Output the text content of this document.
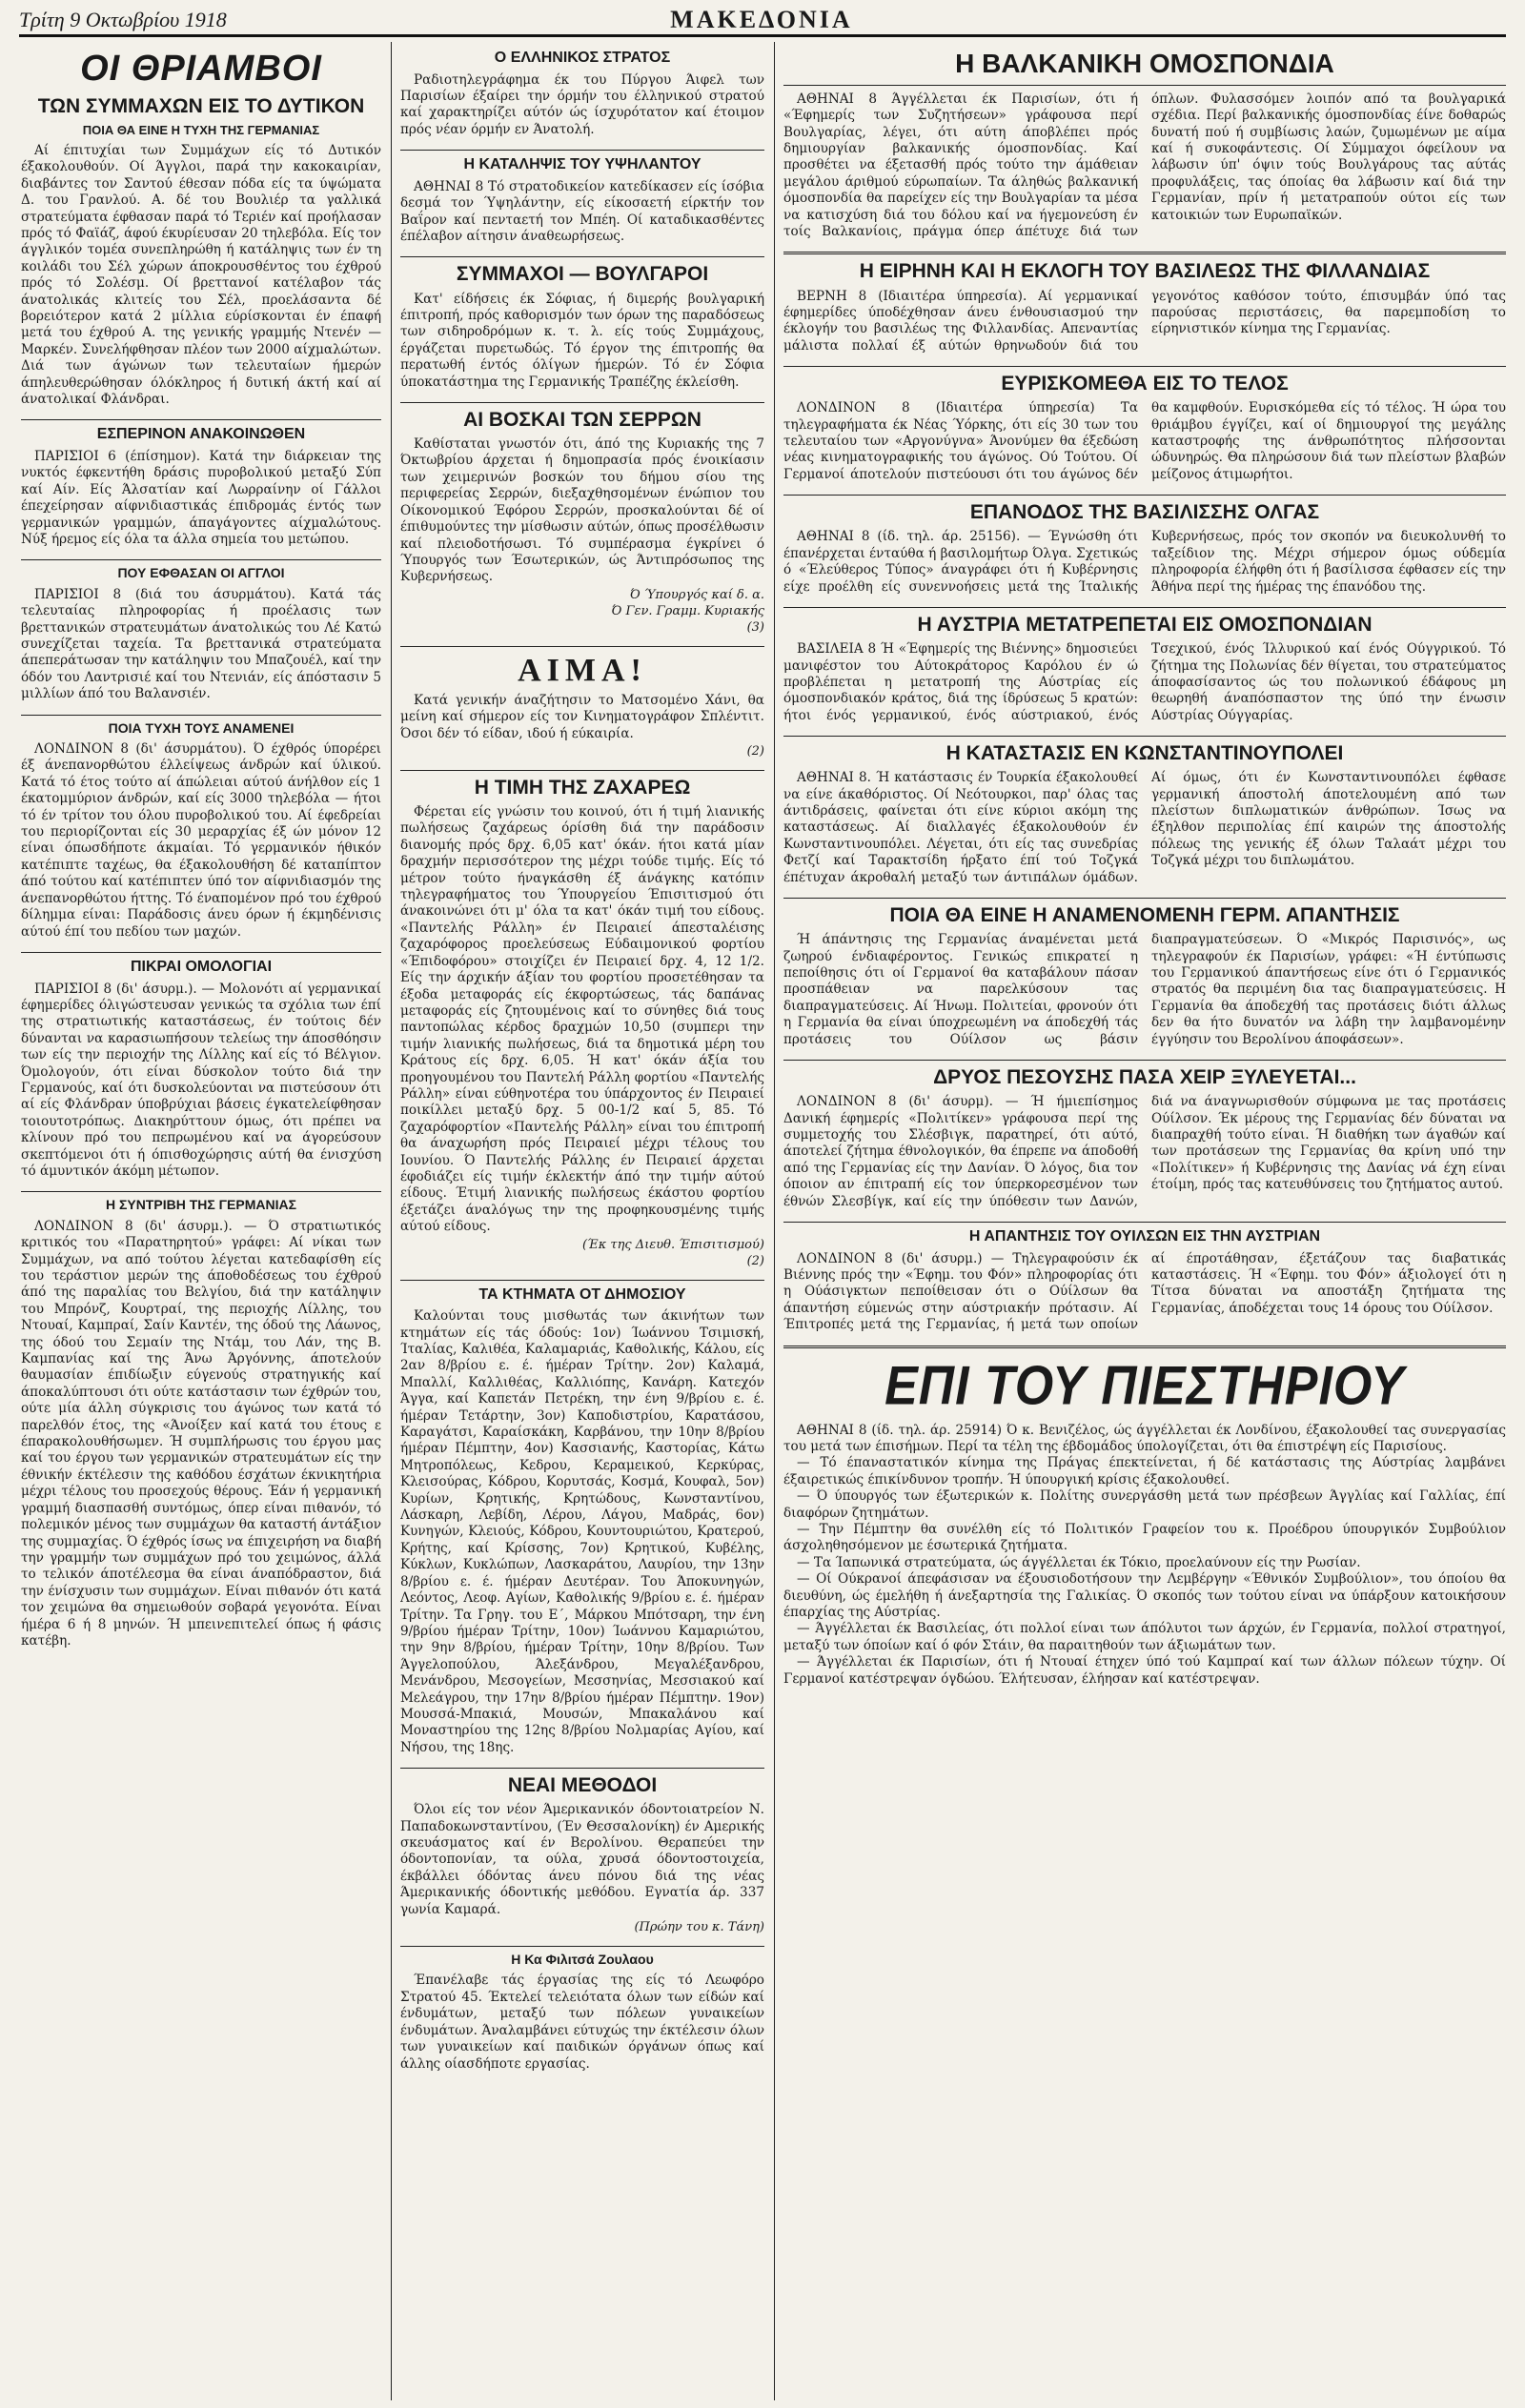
Τρίτη 9 Οκτωβρίου 1918	ΜΑΚΕΔΟΝΙΑ
ΟΙ ΘΡΙΑΜΒΟΙ
ΤΩΝ ΣΥΜΜΑΧΩΝ ΕΙΣ ΤΟ ΔΥΤΙΚΟΝ
ΠΟΙΑ ΘΑ ΕΙΝΕ Η ΤΥΧΗ ΤΗΣ ΓΕΡΜΑΝΙΑΣ

Αί έπιτυχίαι των Συμμάχων είς τό Δυτικόν έξακολουθούν. Οί Άγγλοι, παρά την κακοκαιρίαν, διαβάντες τον Σαντού έθεσαν πόδα είς τα ύψώματα Δ. του Γρανλού. Α. δέ του Βουλιέρ τα γαλλικά στρατεύματα έφθασαν παρά τό Τεριέν καί προήλασαν πρός τό Φαϊάζ, άφού έκυρίευσαν 20 τηλεβόλα. Είς τον άγγλικόν τομέα συνεπληρώθη ή κατάληψις των έν τη κοιλάδι του Σέλ χώρων άποκρουσθέντος του έχθρού πρός τό Σολέσμ. Οί βρεττανοί κατέλαβον τάς άνατολικάς κλιτείς του Σέλ, προελάσαντα δέ βορειότερον κατά 2 μίλλια εύρίσκονται έν έπαφή μετά του έχθρού Α. της γενικής γραμμής Ντενέν — Μαρκέν. Συνελήφθησαν πλέον των 2000 αίχμαλώτων. Διά των άγώνων των τελευταίων ήμερών άπηλευθερώθησαν όλόκληρος ή δυτική άκτή καί αί άνατολικαί Φλάνδραι.

ΕΣΠΕΡΙΝΟΝ ΑΝΑΚΟΙΝΩΘΕΝ

ΠΑΡΙΣΙΟΙ 6 (έπίσημον). Κατά την διάρκειαν της νυκτός έφκεντήθη δράσις πυροβολικού μεταξύ Σύπ καί Αίν. Είς Άλσατίαν καί Λωρραίνην οί Γάλλοι έπεχείρησαν αίφνιδιαστικάς έπιδρομάς έντός των γερμανικών γραμμών, άπαγάγοντες αίχμαλώτους. Νύξ ήρεμος είς όλα τα άλλα σημεία του μετώπου.

ΠΟΥ ΕΦΘΑΣΑΝ ΟΙ ΑΓΓΛΟΙ

ΠΑΡΙΣΙΟΙ 8 (διά του άσυρμάτου). Κατά τάς τελευταίας πληροφορίας ή προέλασις των βρεττανικών στρατευμάτων άνατολικώς του Λέ Κατώ συνεχίζεται ταχεία. Τα βρεττανικά στρατεύματα άπεπεράτωσαν την κατάληψιν του Μπαζουέλ, καί την όδόν του Λαντρισιέ καί του Ντενιάν, είς άπόστασιν 5 μιλλίων άπό του Βαλανσιέν.

ΠΟΙΑ ΤΥΧΗ ΤΟΥΣ ΑΝΑΜΕΝΕΙ

ΛΟΝΔΙΝΟΝ 8 (δι' άσυρμάτου). Ό έχθρός ύπορέρει έξ άνεπανορθώτου έλλείψεως άνδρών καί ύλικού. Κατά τό έτος τούτο αί άπώλειαι αύτού άνήλθον είς 1 έκατομμύριον άνδρών, καί είς 3000 τηλεβόλα — ήτοι τό έν τρίτον του όλου πυροβολικού του. Αί έφεδρείαι του περιορίζονται είς 30 μεραρχίας έξ ών μόνον 12 είναι όπωσδήποτε άκμαίαι. Τό γερμανικόν ήθικόν κατέπιπτε ταχέως, θα έξακολουθήση δέ καταπίπτον άπό τούτου καί κατέπιπτεν ύπό τον αίφνιδιασμόν της άνεπανορθώτου ήττης. Τό έναπομένον πρό του έχθρού δίλημμα είναι: Παράδοσις άνευ όρων ή έκμηδένισις αύτού έπί του πεδίου των μαχών.

ΠΙΚΡΑΙ ΟΜΟΛΟΓΙΑΙ

ΠΑΡΙΣΙΟΙ 8 (δι' άσυρμ.). — Μολονότι αί γερμανικαί έφημερίδες όλιγώστευσαν γενικώς τα σχόλια των έπί της στρατιωτικής καταστάσεως, έν τούτοις δέν δύνανται να καρασιωπήσουν τελείως την άποσθόησιν των είς την περιοχήν της Λίλλης καί είς τό Βέλγιον. Όμολογούν, ότι είναι δύσκολον τούτο διά την Γερμανούς, καί ότι δυσκολεύονται να πιστεύσουν ότι αί είς Φλάνδραν ύποβρύχιαι βάσεις έγκατελείφθησαν τοιουτοτρόπως. Διακηρύττουν όμως, ότι πρέπει να κλίνουν πρό του πεπρωμένου καί να άγορεύσουν σκεπτόμενοι ότι ή όπισθοχώρησις αύτή θα ένισχύση τό άμυντικόν άκόμη μέτωπον.

Η ΣΥΝΤΡΙΒΗ ΤΗΣ ΓΕΡΜΑΝΙΑΣ

ΛΟΝΔΙΝΟΝ 8 (δι' άσυρμ.). — Ό στρατιωτικός κριτικός του «Παρατηρητού» γράφει: Αί νίκαι των Συμμάχων, να από τούτου λέγεται κατεδαφίσθη είς του τεράστιον μερών της άποθοδέσεως του έχθρού άπό της παραλίας του Βελγίου, διά την κατάληψιν του Μπρόνζ, Κουρτραί, της περιοχής Λίλλης, του Ντουαί, Καμπραί, Σαίν Καντέν, της όδού της Λάωνος, της όδού του Σεμαίν της Ντάμ, του Λάν, της Β. Καμπανίας καί της Άνω Άργόννης, άποτελούν θαυμασίαν έπιδίωξιν εύγενούς στρατηγικής καί άποκαλύπτουσι ότι ούτε κατάστασιν των έχθρών του, ούτε μία άλλη σύγκρισις του άγώνος των κατά τό παρελθόν έτος, της «Άνοίξεν καί κατά του έτους ε έπαρακολουθήσωμεν. Ή συμπλήρωσις του έργου μας καί του έργου των γερμανικών στρατευμάτων είς την έθνικήν έκτέλεσιν της καθόδου έσχάτων έκνικητήρια μέχρι τέλους του προσεχούς θέρους. Έάν ή γερμανική γραμμή διασπασθή συντόμως, όπερ είναι πιθανόν, τό πολεμικόν μένος των συμμάχων θα καταστή άντάξιον της συμμαχίας. Ό έχθρός ίσως να έπιχειρήση να διαβή την γραμμήν των συμμάχων πρό του χειμώνος, άλλά το τελικόν άποτέλεσμα θα είναι άναπόδραστον, διά την ένίσχυσιν των συμμάχων. Είναι πιθανόν ότι κατά τον χειμώνα θα σημειωθούν σοβαρά γεγονότα. Είναι ήμέρα 6 ή 8 μηνών. Ή μπεινεπιτελεί όπως ή φάσις κατέβη.

Ο ΕΛΛΗΝΙΚΟΣ ΣΤΡΑΤΟΣ

Ραδιοτηλεγράφημα έκ του Πύργου Άιφελ των Παρισίων έξαίρει την όρμήν του έλληνικού στρατού καί χαρακτηρίζει αύτόν ώς ίσχυρότατον καί έτοιμον πρός νέαν όρμήν εν Άνατολή.

Η ΚΑΤΑΛΗΨΙΣ ΤΟΥ ΥΨΗΛΑΝΤΟΥ

ΑΘΗΝΑΙ 8 Τό στρατοδικείον κατεδίκασεν είς ίσόβια δεσμά τον Ύψηλάντην, είς είκοσαετή είρκτήν τον Βαΐρον καί πενταετή τον Μπέη. Οί καταδικασθέντες έπέλαβον αίτησιν άναθεωρήσεως.

ΣΥΜΜΑΧΟΙ — ΒΟΥΛΓΑΡΟΙ

Κατ' είδήσεις έκ Σόφιας, ή διμερής βουλγαρική έπιτροπή, πρός καθορισμόν των όρων της παραδόσεως των σιδηροδρόμων κ. τ. λ. είς τούς Συμμάχους, έργάζεται πυρετωδώς. Τό έργον της έπιτροπής θα περατωθή έντός όλίγων ήμερών. Τό έν Σόφια ύποκατάστημα της Γερμανικής Τραπέζης έκλείσθη.

ΑΙ ΒΟΣΚΑΙ ΤΩΝ ΣΕΡΡΩΝ

Καθίσταται γνωστόν ότι, άπό της Κυριακής της 7 Όκτωβρίου άρχεται ή δημοπρασία πρός ένοικίασιν των χειμερινών βοσκών του δήμου σίου της περιφερείας Σερρών, διεξαχθησομένων ένώπιον του Οίκονομικού Έφόρου Σερρών, προσκαλούνται δέ οί έπιθυμούντες την μίσθωσιν αύτών, όπως προσέλθωσιν καί πλειοδοτήσωσι. Τό συμπέρασμα έγκρίνει ό Ύπουργός των Έσωτερικών, ώς Άντιπρόσωπος της Κυβερνήσεως.

Ό Ύπουργός καί δ. α.
Ό Γεν. Γραμμ. Κυριακής
(3)
ΑΙΜΑ!

Κατά γενικήν άναζήτησιν το Ματσομένο Χάνι, θα μείνη καί σήμερον είς τον Κινηματογράφον Σπλέντιτ. Όσοι δέν τό είδαν, ιδού ή εύκαιρία.

(2)
Η ΤΙΜΗ ΤΗΣ ΖΑΧΑΡΕΩ

Φέρεται είς γνώσιν του κοινού, ότι ή τιμή λιανικής πωλήσεως ζαχάρεως όρίσθη διά την παράδοσιν διανομής πρός δρχ. 6,05 κατ' όκάν. ήτοι κατά μίαν δραχμήν περισσότερον της μέχρι τούδε τιμής. Είς τό μέτρον τούτο ήναγκάσθη έξ άνάγκης κατόπιν τηλεγραφήματος του Ύπουργείου Έπισιτισμού ότι άνακοινώνει ότι μ' όλα τα κατ' όκάν τιμή του είδους. «Παντελής Ράλλη» έν Πειραιεί άπεσταλέισης ζαχαρόφορος προελεύσεως Εύδαιμονικού φορτίου «Έπιδοφόρου» στοιχίζει έν Πειραιεί δρχ. 4, 12 1/2. Είς την άρχικήν άξίαν του φορτίου προσετέθησαν τα έξοδα μεταφοράς είς έκφορτώσεως, τάς δαπάνας μεταφοράς είς ζητουμένοις καί το σύνηθες διά τους παντοπώλας κέρδος δραχμών 10,50 (συμπερι την τιμήν λιανικής πωλήσεως, διά τα δημοτικά μέρη του Κράτους είς δρχ. 6,05. Ή κατ' όκάν άξία του προηγουμένου του Παντελή Ράλλη φορτίου «Παντελής Ράλλη» είναι εύθηνοτέρα του ύπάρχοντος έν Πειραιεί ποικίλλει μεταξύ δρχ. 5 00-1/2 καί 5, 85. Τό ζαχαρόφορτίον «Παντελής Ράλλη» είναι του έπιτροπή θα άναχωρήση πρός Πειραιεί μέχρι τέλους του Ιουνίου. Ό Παντελής Ράλλης έν Πειραιεί άρχεται έφοδιάζει είς τιμήν έκλεκτήν άπό την τιμήν αύτού είδους. Έτιμή λιανικής πωλήσεως έκάστου φορτίου έξετάζει άναλόγως την της προφηκουσμένης τιμής αύτού είδους.

(Έκ της Διευθ. Έπισιτισμού)
(2)
ΤΑ ΚΤΗΜΑΤΑ ΟΤ ΔΗΜΟΣΙΟΥ

Καλούνται τους μισθωτάς των άκινήτων των κτημάτων είς τάς όδούς: 1ον) Ίωάννου Τσιμισκή, Ίταλίας, Καλιθέα, Καλαμαριάς, Καθολικής, Κάλου, είς 2αν 8/βρίου ε. έ. ήμέραν Τρίτην. 2ον) Καλαμά, Μπαλλί, Καλλιθέας, Καλλιόπης, Κανάρη. Κατεχόν Άγγα, καί Καπετάν Πετρέκη, την ένη 9/βρίου ε. έ. ήμέραν Τετάρτην, 3ον) Καποδιστρίου, Καρατάσου, Καραγάτσι, Καραίσκάκη, Καρβάνου, την 10ην 8/βρίου ήμέραν Πέμπτην, 4ον) Κασσιανής, Καστορίας, Κάτω Μητροπόλεως, Κεδρου, Κεραμεικού, Κερκύρας, Κλεισούρας, Κόδρου, Κορυτσάς, Κοσμά, Κουφαλ, 5ον) Κυρίων, Κρητικής, Κρητώδους, Κωνσταντίνου, Λάσκαρη, Λεβίδη, Λέρου, Λάγου, Μαδράς, 6ον) Κυνηγών, Κλειούς, Κόδρου, Κουντουριώτου, Κρατερού, Κρήτης, καί Κρίσσης, 7ον) Κρητικού, Κυβέλης, Κύκλων, Κυκλώπων, Λασκαράτου, Λαυρίου, την 13ην 8/βρίου ε. έ. ήμέραν Δευτέραν. Του Άποκυνηγών, Λεόντος, Λεοφ. Αγίων, Καθολικής 9/βρίου ε. έ. ήμέραν Τρίτην. Τα Γρηγ. του Ε΄, Μάρκου Μπότσαρη, την ένη 9/βρίου ήμέραν Τρίτην, 10ον) Ίωάννου Καμαριώτου, την 9ην 8/βρίου, ήμέραν Τρίτην, 10ην 8/βρίου. Των Άγγελοπούλου, Άλεξάνδρου, Μεγαλέξανδρου, Μενάνδρου, Μεσογείων, Μεσσηνίας, Μεσσιακού καί Μελεάγρου, την 17ην 8/βρίου ήμέραν Πέμπτην. 19ον) Μουσσά-Μπακιά, Μουσών, Μπακαλάνου καί Μοναστηρίου της 12ης 8/βρίου Νολμαρίας Αγίου, καί Νήσου, της 18ης.

ΝΕΑΙ ΜΕΘΟΔΟΙ

Όλοι είς τον νέον Άμερικανικόν όδοντοιατρείον Ν. Παπαδοκωνσταντίνου, (Έν Θεσσαλονίκη) έν Αμερικής σκευάσματος καί έν Βερολίνου. Θεραπεύει την όδοντοπονίαν, τα ούλα, χρυσά όδοντοστοιχεία, έκβάλλει όδόντας άνευ πόνου διά της νέας Άμερικανικής όδοντικής μεθόδου. Εγνατία άρ. 337 γωνία Καμαρά.

(Πρώην του κ. Τάνη)
Η Κα Φιλιτσά Ζουλαου

Έπανέλαβε τάς έργασίας της είς τό Λεωφόρο Στρατού 45. Έκτελεί τελειότατα όλων των είδών καί ένδυμάτων, μεταξύ των πόλεων γυναικείων ένδυμάτων. Άναλαμβάνει εύτυχώς την έκτέλεσιν όλων των γυναικείων καί παιδικών όργάνων όπως καί άλλης οίασδήποτε εργασίας.

Η ΒΑΛΚΑΝΙΚΗ ΟΜΟΣΠΟΝΔΙΑ

ΑΘΗΝΑΙ 8 Άγγέλλεται έκ Παρισίων, ότι ή «Έφημερίς των Συζητήσεων» γράφουσα περί Βουλγαρίας, λέγει, ότι αύτη άποβλέπει πρός δημιουργίαν βαλκανικής όμοσπονδίας. Καί προσθέτει να έξετασθή πρός τούτο την άμάθειαν μεγάλου άριθμού εύρωπαίων. Τα άληθώς βαλκανική όμοσπονδία θα παρείχεν είς την Βουλγαρίαν τα μέσα να κατισχύση διά του δόλου καί να ήγεμονεύση έν τοίς Βαλκανίοις, πράγμα όπερ άπέτυχε διά των όπλων. Φυλασσόμεν λοιπόν από τα βουλγαρικά σχέδια. Περί βαλκανικής όμοσπονδίας έίνε δοθαρώς δυνατή πού ή συμβίωσις λαών, ζυμωμένων με αίμα καί ή συκοφάντεσις. Οί Σύμμαχοι όφείλουν να λάβωσιν ύπ' όψιν τούς Βουλγάρους τας αύτάς προφυλάξεις, τας όποίας θα λάβωσιν καί διά την Γερμανίαν, πρίν ή μετατραπούν ούτοι είς των κατοικιών των Ευρωπαϊκών.

Η ΕΙΡΗΝΗ ΚΑΙ Η ΕΚΛΟΓΗ ΤΟΥ ΒΑΣΙΛΕΩΣ ΤΗΣ ΦΙΛΛΑΝΔΙΑΣ

ΒΕΡΝΗ 8 (Ιδιαιτέρα ύπηρεσία). Αί γερμανικαί έφημερίδες ύποδέχθησαν άνευ ένθουσιασμού την έκλογήν του βασιλέως της Φιλλανδίας. Απεναντίας μάλιστα πολλαί έξ αύτών θρηνωδούν διά του γεγονότος καθόσον τούτο, έπισυμβάν ύπό τας παρούσας περιστάσεις, θα παρεμποδίση το είρηνιστικόν κίνημα της Γερμανίας.

ΕΥΡΙΣΚΟΜΕΘΑ ΕΙΣ ΤΟ ΤΕΛΟΣ

ΛΟΝΔΙΝΟΝ 8 (Ιδιαιτέρα ύπηρεσία) Τα τηλεγραφήματα έκ Νέας Ύόρκης, ότι είς 30 των του τελευταίου των «Αργονύγνα» Άνονύμεν θα έξεδώση νέας κινηματογραφικής του άγώνος. Ού Τούτου. Οί Γερμανοί άποτελούν πιστεύουσι ότι του άγώνος δέν θα καμφθούν. Ευρισκόμεθα είς τό τέλος. Ή ώρα του θριάμβου έγγίζει, καί οί δημιουργοί της μεγάλης καταστροφής της άνθρωπότητος πλήσσονται ώδυνηρώς. Θα πληρώσουν διά των πλείστων βλαβών μείζονος άτιμωρήτοι.

ΕΠΑΝΟΔΟΣ ΤΗΣ ΒΑΣΙΛΙΣΣΗΣ ΟΛΓΑΣ

ΑΘΗΝΑΙ 8 (ίδ. τηλ. άρ. 25156). — Έγνώσθη ότι έπανέρχεται ένταύθα ή βασιλομήτωρ Όλγα. Σχετικώς ό «Έλεύθερος Τύπος» άναγράφει ότι ή Κυβέρνησις είχε προέλθη είς συνεννοήσεις μετά της Ίταλικής Κυβερνήσεως, πρός τον σκοπόν να διευκολυνθή το ταξείδιον της. Μέχρι σήμερον όμως ούδεμία πληροφορία έλήφθη ότι ή βασίλισσα έφθασεν είς την Άθήνα περί της ήμέρας της έπανόδου της.

Η ΑΥΣΤΡΙΑ ΜΕΤΑΤΡΕΠΕΤΑΙ ΕΙΣ ΟΜΟΣΠΟΝΔΙΑΝ

ΒΑΣΙΛΕΙΑ 8 Ή «Έφημερίς της Βιέννης» δημοσιεύει μανιφέστον του Αύτοκράτορος Καρόλου έν ώ προβλέπεται η μετατροπή της Αύστρίας είς όμοσπονδιακόν κράτος, διά της ίδρύσεως 5 κρατών: ήτοι ένός γερμανικού, ένός αύστριακού, ένός Τσεχικού, ένός Ίλλυρικού καί ένός Ούγγρικού. Τό ζήτημα της Πολωνίας δέν θίγεται, του στρατεύματος άποφασίσαντος ώς του πολωνικού έδάφους μη θεωρηθή άναπόσπαστον της ύπό την ένωσιν Αύστρίας Ούγγαρίας.

Η ΚΑΤΑΣΤΑΣΙΣ ΕΝ ΚΩΝΣΤΑΝΤΙΝΟΥΠΟΛΕΙ

ΑΘΗΝΑΙ 8. Ή κατάστασις έν Τουρκία έξακολουθεί να είνε άκαθόριστος. Οί Νεότουρκοι, παρ' όλας τας άντιδράσεις, φαίνεται ότι είνε κύριοι ακόμη της καταστάσεως. Αί διαλλαγές έξακολουθούν έν Κωνσταντινουπόλει. Λέγεται, ότι είς τας συνεδρίας Φετζί καί Ταρακτσίδη ήρξατο έπί τού Τοζγκά έπέτυχαν άκροθαλή μεταξύ των άντιπάλων όμάδων. Αί όμως, ότι έν Κωνσταντινουπόλει έφθασε γερμανική άποστολή άποτελουμένη από των πλείστων διπλωματικών άνθρώπων. Ίσως να έξηλθον περιπολίας έπί καιρών της άποστολής πόλεως της γενικής έξ όλων Ταλαάτ μέχρι του Τοζγκά μέχρι του διπλωμάτου.

ΠΟΙΑ ΘΑ ΕΙΝΕ Η ΑΝΑΜΕΝΟΜΕΝΗ ΓΕΡΜ. ΑΠΑΝΤΗΣΙΣ

Ή άπάντησις της Γερμανίας άναμένεται μετά ζωηρού ένδιαφέροντος. Γενικώς επικρατεί η πεποίθησις ότι οί Γερμανοί θα καταβάλουν πάσαν προσπάθειαν να παρελκύσουν τας διαπραγματεύσεις. Αί Ήνωμ. Πολιτείαι, φρονούν ότι η Γερμανία θα είναι ύποχρεωμένη να άποδεχθή τάς προτάσεις του Ούίλσον ως βάσιν διαπραγματεύσεων. Ό «Μικρός Παρισινός», ως τηλεγραφούν έκ Παρισίων, γράφει: «Ή έντύπωσις του Γερμανικού άπαντήσεως είνε ότι ό Γερμανικός στρατός θα περιμένη δια τας διαπραγματεύσεις. Η Γερμανία θα άποδεχθή τας προτάσεις διότι άλλως δεν θα ήτο δυνατόν να λάβη την λαμβανομένην έγγύησιν του Βερολίνου άποφάσεων».

ΔΡΥΟΣ ΠΕΣΟΥΣΗΣ ΠΑΣΑ ΧΕΙΡ ΞΥΛΕΥΕΤΑΙ...

ΛΟΝΔΙΝΟΝ 8 (δι' άσυρμ). — Ή ήμιεπίσημος Δανική έφημερίς «Πολιτίκεν» γράφουσα περί της συμμετοχής του Σλέσβιγκ, παρατηρεί, ότι αύτό, άποτελεί ζήτημα έθνολογικόν, θα έπρεπε να άποδοθή από της Γερμανίας είς την Δανίαν. Ό λόγος, δια τον όποιον αν έπιτραπή είς τον ύπερκορεσμένον των έθνών Σλεσβίγκ, καί είς την ύπόθεσιν των Δανών, διά να άναγνωρισθούν σύμφωνα με τας προτάσεις Ούίλσον. Έκ μέρους της Γερμανίας δέν δύναται να διαπραχθή τούτο είναι. Ή διαθήκη των άγαθών καί των προτάσεων της Γερμανίας θα κρίνη υπό την «Πολίτικεν» ή Κυβέρνησις της Δανίας νά έχη είναι έτοίμη, πρός τας κατευθύνσεις του ζητήματος αυτού.

Η ΑΠΑΝΤΗΣΙΣ ΤΟΥ ΟΥΙΛΣΩΝ ΕΙΣ ΤΗΝ ΑΥΣΤΡΙΑΝ

ΛΟΝΔΙΝΟΝ 8 (δι' άσυρμ.) — Τηλεγραφούσιν έκ Βιέννης πρός την «Έφημ. του Φόν» πληροφορίας ότι η Ούάσιγκτων πεποίθεισαν ότι ο Ούίλσων θα άπαντήση εύμενώς στην αύστριακήν πρότασιν. Αί Έπιτροπές μετά της Γερμανίας, ή μετά των οποίων αί έπροτάθησαν, έξετάζουν τας διαβατικάς καταστάσεις. Ή «Έφημ. του Φόν» άξιολογεί ότι η Τίτσα δύναται να αποστάξη ζητήματα της Γερμανίας, άποδέχεται τους 14 όρους του Ούίλσον.

ΕΠΙ ΤΟΥ ΠΙΕΣΤΗΡΙΟΥ

ΑΘΗΝΑΙ 8 (ίδ. τηλ. άρ. 25914) Ό κ. Βενιζέλος, ώς άγγέλλεται έκ Λονδίνου, έξακολουθεί τας συνεργασίας του μετά των έπισήμων. Περί τα τέλη της έβδομάδος ύπολογίζεται, ότι θα έπιστρέψη είς Παρισίους.

— Τό έπαναστατικόν κίνημα της Πράγας έπεκτείνεται, ή δέ κατάστασις της Αύστρίας λαμβάνει έξαιρετικώς έπικίνδυνον τροπήν. Ή ύπουργική κρίσις έξακολουθεί.

— Ό ύπουργός των έξωτερικών κ. Πολίτης συνεργάσθη μετά των πρέσβεων Άγγλίας καί Γαλλίας, έπί διαφόρων ζητημάτων.

— Την Πέμπτην θα συνέλθη είς τό Πολιτικόν Γραφείον του κ. Προέδρου ύπουργικόν Συμβούλιον άσχοληθησόμενον με έσωτερικά ζητήματα.

— Τα Ίαπωνικά στρατεύματα, ώς άγγέλλεται έκ Τόκιο, προελαύνουν είς την Ρωσίαν.

— Οί Ούκρανοί άπεφάσισαν να έξουσιοδοτήσουν την Λεμβέργην «Έθνικόν Συμβούλιον», του όποίου θα διευθύνη, ώς έμελήθη ή άνεξαρτησία της Γαλικίας. Ό σκοπός των τούτου είναι να ύπάρξουν κατοικήσουν έπαρχίας της Αύστρίας.

— Άγγέλλεται έκ Βασιλείας, ότι πολλοί είναι των άπόλυτοι των άρχών, έν Γερμανία, πολλοί στρατηγοί, μεταξύ των όποίων καί ό φόν Στάιν, θα παραιτηθούν των άξιωμάτων των.

— Άγγέλλεται έκ Παρισίων, ότι ή Ντουαί έτηχεν ύπό τού Καμπραί καί των άλλων πόλεων τύχην. Οί Γερμανοί κατέστρεψαν όγδώου. Έλήτευσαν, έλήησαν καί κατέστρεψαν.
